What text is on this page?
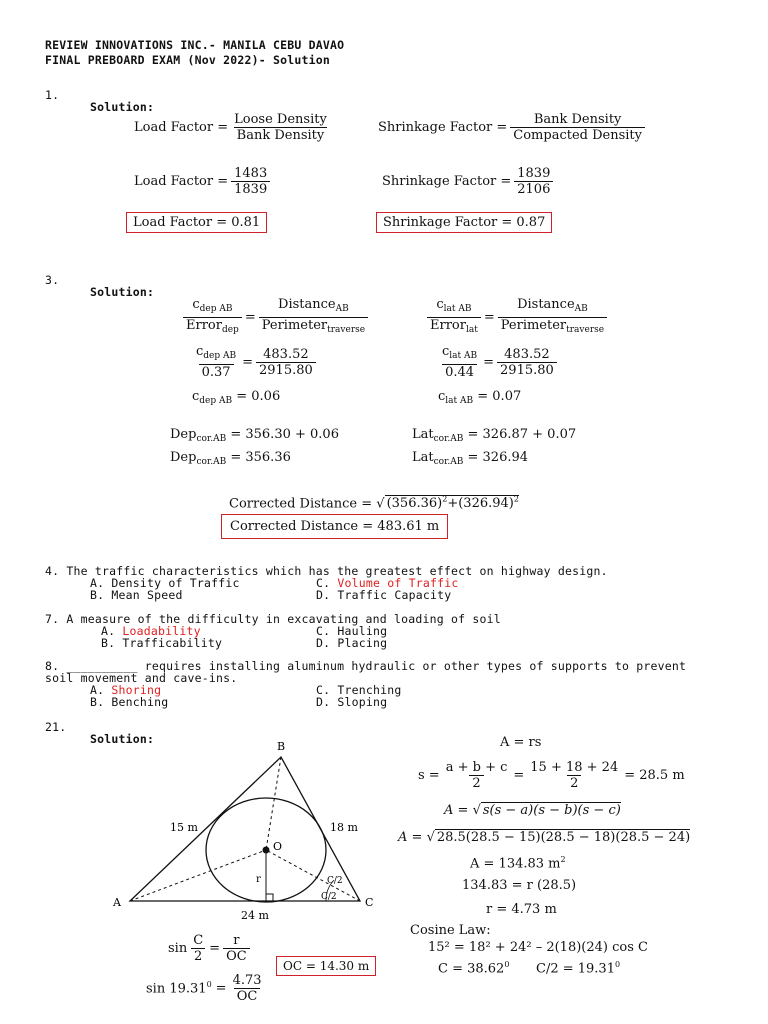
REVIEW INNOVATIONS INC.- MANILA CEBU DAVAO
FINAL PREBOARD EXAM (Nov 2022)- Solution
1.
Solution:
Load Factor = $\frac{\text{Loose Density}}{\text{Bank Density}}$	Shrinkage Factor = $\frac{\text{Bank Density}}{\text{Compacted Density}}$
Load Factor = $\frac{1483}{1839}$	Shrinkage Factor = $\frac{1839}{2106}$
Load Factor = 0.81	Shrinkage Factor = 0.87
3.
Solution:
$\frac{c_{dep AB}}{Error_{dep}} = \frac{Distance_{AB}}{Perimeter_{traverse}}$	$\frac{c_{lat AB}}{Error_{lat}} = \frac{Distance_{AB}}{Perimeter_{traverse}}$
$\frac{c_{dep AB}}{0.37} = \frac{483.52}{2915.80}$	$\frac{c_{lat AB}}{0.44} = \frac{483.52}{2915.80}$
$c_{dep AB} = 0.06$	$c_{lat AB} = 0.07$
Dep$_{cor.AB}$ = 356.30 + 0.06
Dep$_{cor.AB}$ = 356.36
Lat$_{cor.AB}$ = 326.87 + 0.07
Lat$_{cor.AB}$ = 326.94
Corrected Distance = √ $(356.36)^2+(326.94)^2$
Corrected Distance = 483.61 m
4. The traffic characteristics which has the greatest effect on highway design.
A. Density of Traffic	C. Volume of Traffic
B. Mean Speed	D. Traffic Capacity
7. A measure of the difficulty in excavating and loading of soil
A. Loadability	C. Hauling
B. Trafficability	D. Placing
8. __________ requires installing aluminum hydraulic or other types of supports to prevent
soil movement and cave-ins.
A. Shoring	C. Trenching
B. Benching	D. Sloping
21.
Solution:
B
A	C
O
15 m	18 m
24 m
r	C/2
C/2
$\sin \frac{C}{2} = \frac{r}{OC}$
$\sin 19.31^0 = \frac{4.73}{OC}$
OC = 14.30 m
A = rs
$s = \frac{a + b + c}{2} = \frac{15 + 18 + 24}{2} = 28.5$ m
A = √ s(s − a)(s − b)(s − c)
A = √ 28.5(28.5 − 15)(28.5 − 18)(28.5 − 24)
A = 134.83 $m^2$
134.83 = r (28.5)
r = 4.73 m
Cosine Law:
15² = 18² + 24² – 2(18)(24) cos C
$C = 38.62^0$ $C/2 = 19.31^0$
